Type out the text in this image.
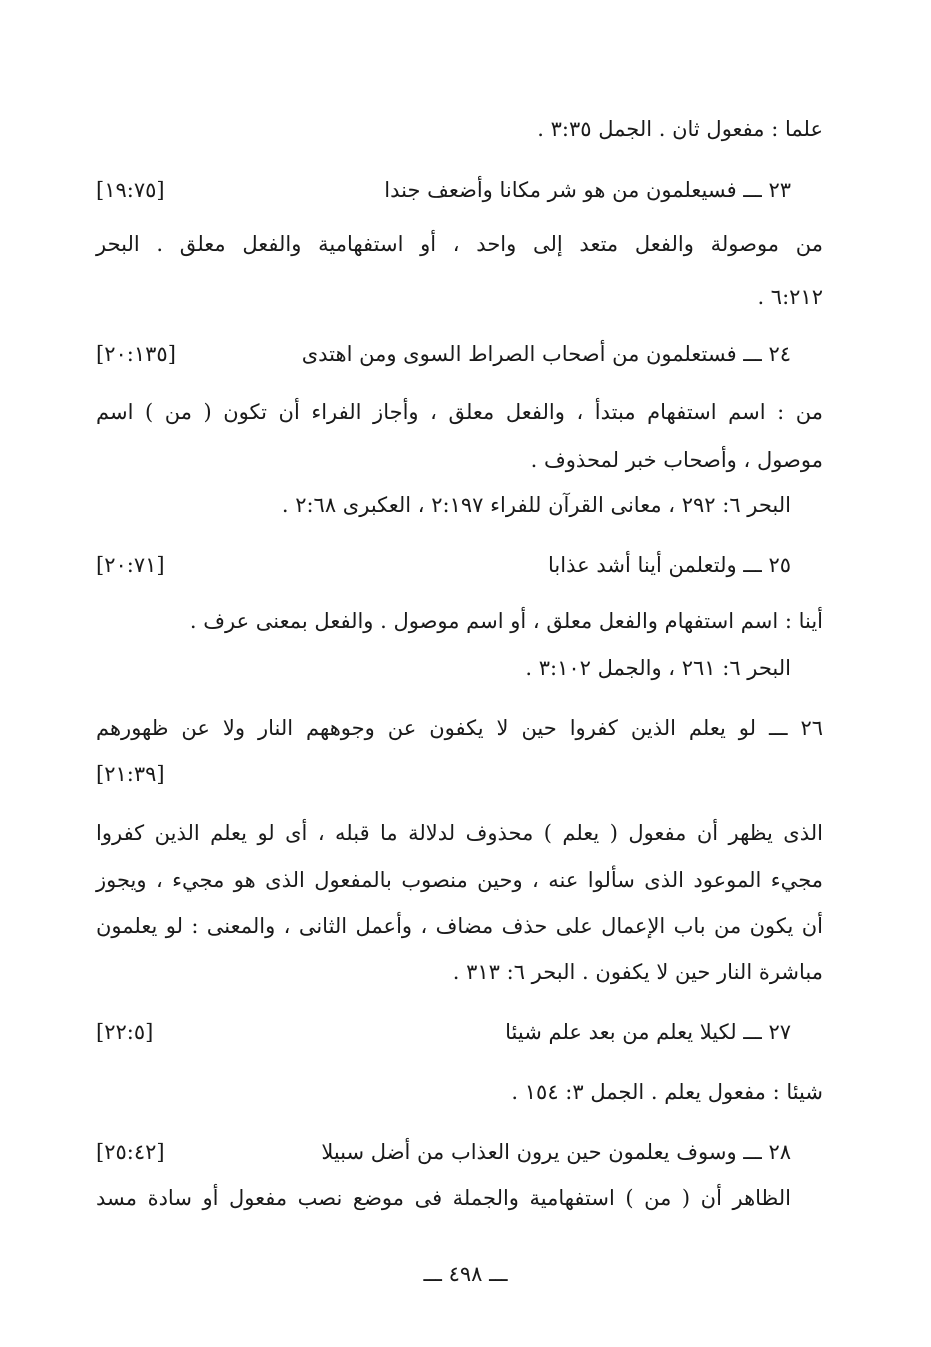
علما : مفعول ثان . الجمل ٣:٣٥ .
٢٣ ـــ فسيعلمون من هو شر مكانا وأضعف جندا
[١٩:٧٥]
من موصولة والفعل متعد إلى واحد ، أو استفهامية والفعل معلق . البحر
٦:٢١٢ .
٢٤ ـــ فستعلمون من أصحاب الصراط السوى ومن اهتدى
[٢٠:١٣٥]
من : اسم استفهام مبتدأ ، والفعل معلق ، وأجاز الفراء أن تكون ( من ) اسم
موصول ، وأصحاب خبر لمحذوف .
البحر ٦: ٢٩٢ ، معانى القرآن للفراء ٢:١٩٧ ، العكبرى ٢:٦٨ .
٢٥ ـــ ولتعلمن أينا أشد عذابا
[٢٠:٧١]
أينا : اسم استفهام والفعل معلق ، أو اسم موصول . والفعل بمعنى عرف .
البحر ٦: ٢٦١ ، والجمل ٣:١٠٢ .
٢٦ ـــ لو يعلم الذين كفروا حين لا يكفون عن وجوههم النار ولا عن ظهورهم
[٢١:٣٩]
الذى يظهر أن مفعول ( يعلم ) محذوف لدلالة ما قبله ، أى لو يعلم الذين كفروا
مجيء الموعود الذى سألوا عنه ، وحين منصوب بالمفعول الذى هو مجيء ، ويجوز
أن يكون من باب الإعمال على حذف مضاف ، وأعمل الثانى ، والمعنى : لو يعلمون
مباشرة النار حين لا يكفون . البحر ٦: ٣١٣ .
٢٧ ـــ لكيلا يعلم من بعد علم شيئا
[٢٢:٥]
شيئا : مفعول يعلم . الجمل ٣: ١٥٤ .
٢٨ ـــ وسوف يعلمون حين يرون العذاب من أضل سبيلا
[٢٥:٤٢]
الظاهر أن ( من ) استفهامية والجملة فى موضع نصب مفعول أو سادة مسد
ـــ ٤٩٨ ـــ
